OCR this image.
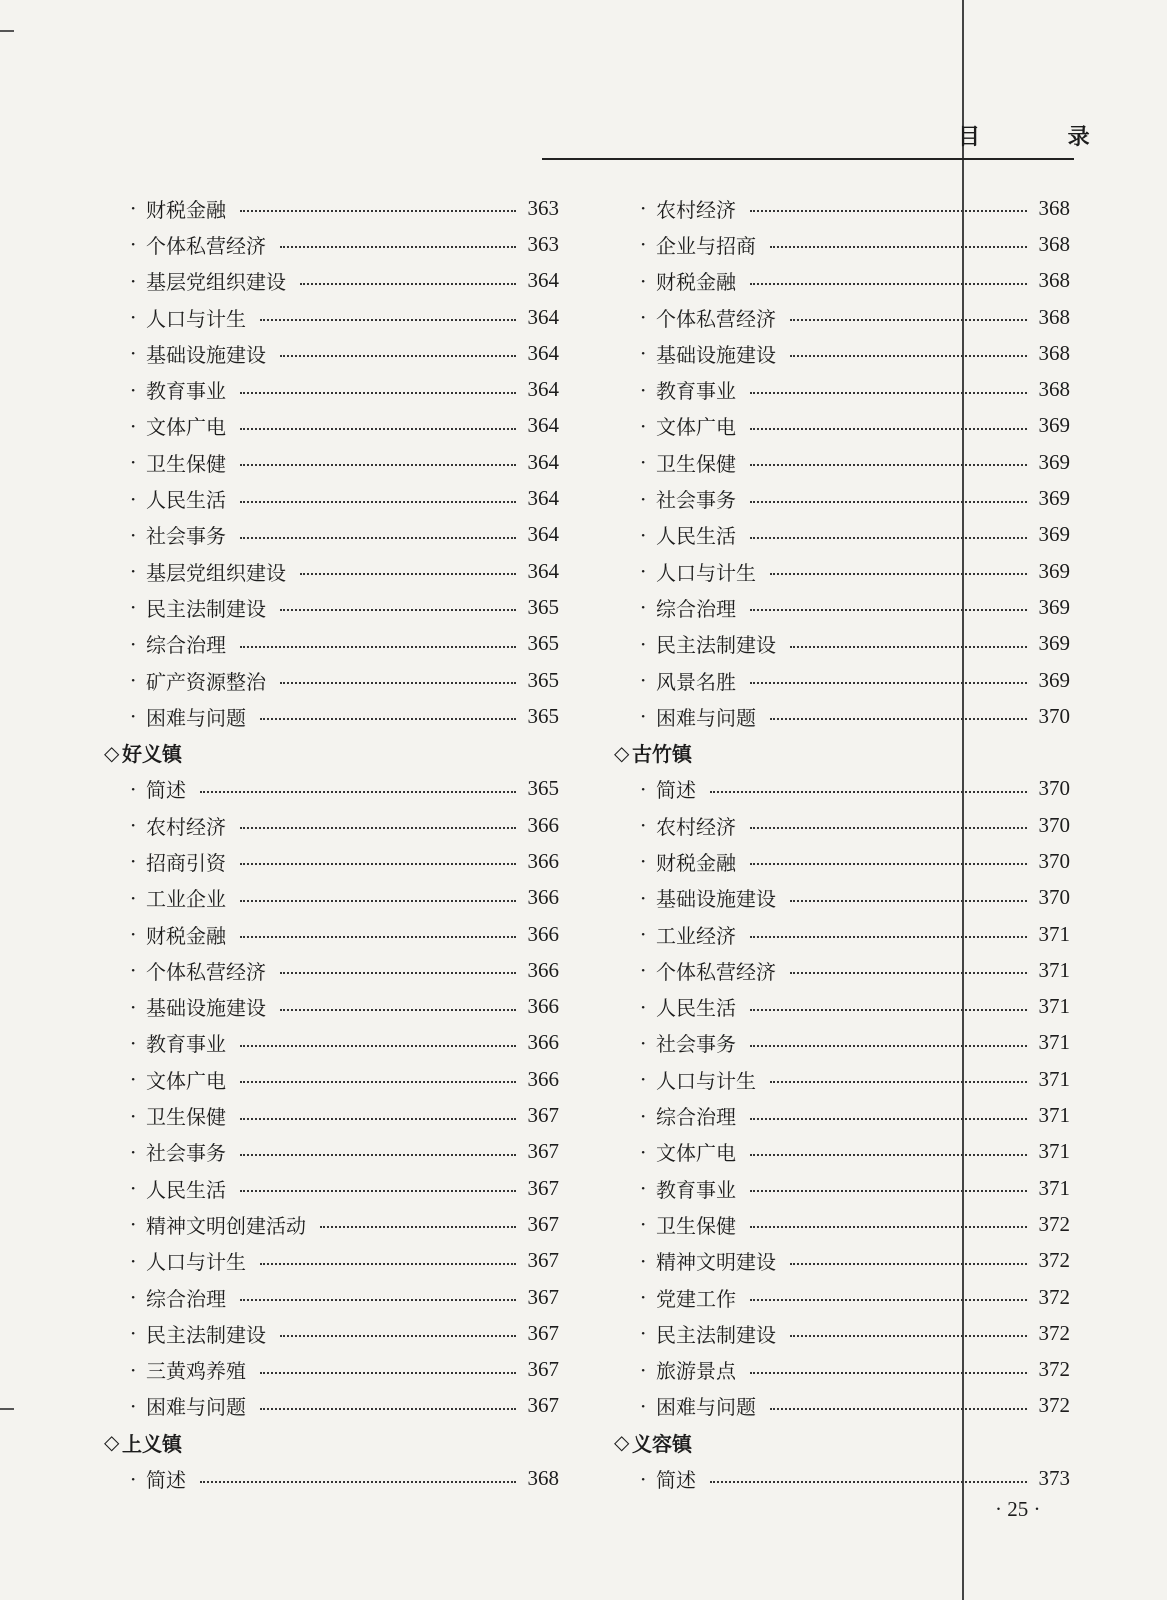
目 录
· 财税金融	363
· 个体私营经济	363
· 基层党组织建设	364
· 人口与计生	364
· 基础设施建设	364
· 教育事业	364
· 文体广电	364
· 卫生保健	364
· 人民生活	364
· 社会事务	364
· 基层党组织建设	364
· 民主法制建设	365
· 综合治理	365
· 矿产资源整治	365
· 困难与问题	365
◇ 好义镇
· 简述	365
· 农村经济	366
· 招商引资	366
· 工业企业	366
· 财税金融	366
· 个体私营经济	366
· 基础设施建设	366
· 教育事业	366
· 文体广电	366
· 卫生保健	367
· 社会事务	367
· 人民生活	367
· 精神文明创建活动	367
· 人口与计生	367
· 综合治理	367
· 民主法制建设	367
· 三黄鸡养殖	367
· 困难与问题	367
◇ 上义镇
· 简述	368
· 农村经济	368
· 企业与招商	368
· 财税金融	368
· 个体私营经济	368
· 基础设施建设	368
· 教育事业	368
· 文体广电	369
· 卫生保健	369
· 社会事务	369
· 人民生活	369
· 人口与计生	369
· 综合治理	369
· 民主法制建设	369
· 风景名胜	369
· 困难与问题	370
◇ 古竹镇
· 简述	370
· 农村经济	370
· 财税金融	370
· 基础设施建设	370
· 工业经济	371
· 个体私营经济	371
· 人民生活	371
· 社会事务	371
· 人口与计生	371
· 综合治理	371
· 文体广电	371
· 教育事业	371
· 卫生保健	372
· 精神文明建设	372
· 党建工作	372
· 民主法制建设	372
· 旅游景点	372
· 困难与问题	372
◇ 义容镇
· 简述	373
· 25 ·
